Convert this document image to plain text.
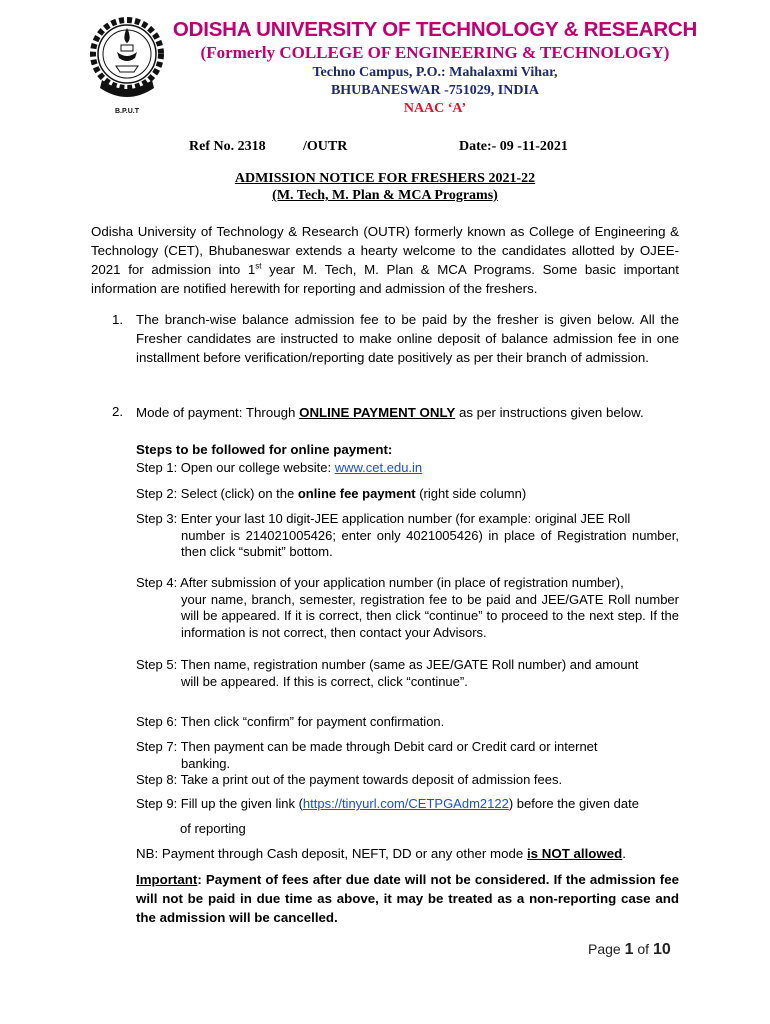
B.P.U.T
ODISHA UNIVERSITY OF TECHNOLOGY & RESEARCH
(Formerly COLLEGE OF ENGINEERING & TECHNOLOGY)
Techno Campus, P.O.: Mahalaxmi Vihar,
BHUBANESWAR -751029, INDIA
NAAC ‘A’
Ref No. 2318	/OUTR	Date:- 09 -11-2021
ADMISSION NOTICE FOR FRESHERS 2021-22
(M. Tech, M. Plan & MCA Programs)
Odisha University of Technology & Research (OUTR) formerly known as College of Engineering & Technology (CET), Bhubaneswar extends a hearty welcome to the candidates allotted by OJEE-2021 for admission into 1st year M. Tech, M. Plan & MCA Programs. Some basic important information are notified herewith for reporting and admission of the freshers.
1. The branch-wise balance admission fee to be paid by the fresher is given below. All the Fresher candidates are instructed to make online deposit of balance admission fee in one installment before verification/reporting date positively as per their branch of admission.
2. Mode of payment: Through ONLINE PAYMENT ONLY as per instructions given below.
Steps to be followed for online payment:
Step 1: Open our college website: www.cet.edu.in
Step 2: Select (click) on the online fee payment (right side column)
Step 3: Enter your last 10 digit-JEE application number (for example: original JEE Roll
number is 214021005426; enter only 4021005426) in place of Registration number, then click “submit” bottom.
Step 4: After submission of your application number (in place of registration number),
your name, branch, semester, registration fee to be paid and JEE/GATE Roll number will be appeared. If it is correct, then click “continue” to proceed to the next step. If the information is not correct, then contact your Advisors.
Step 5: Then name, registration number (same as JEE/GATE Roll number) and amount
will be appeared. If this is correct, click “continue”.
Step 6: Then click “confirm” for payment confirmation.
Step 7: Then payment can be made through Debit card or Credit card or internet
banking.
Step 8: Take a print out of the payment towards deposit of admission fees.
Step 9: Fill up the given link (https://tinyurl.com/CETPGAdm2122) before the given date
of reporting
NB: Payment through Cash deposit, NEFT, DD or any other mode is NOT allowed.
Important: Payment of fees after due date will not be considered. If the admission fee will not be paid in due time as above, it may be treated as a non-reporting case and the admission will be cancelled.
Page 1 of 10
